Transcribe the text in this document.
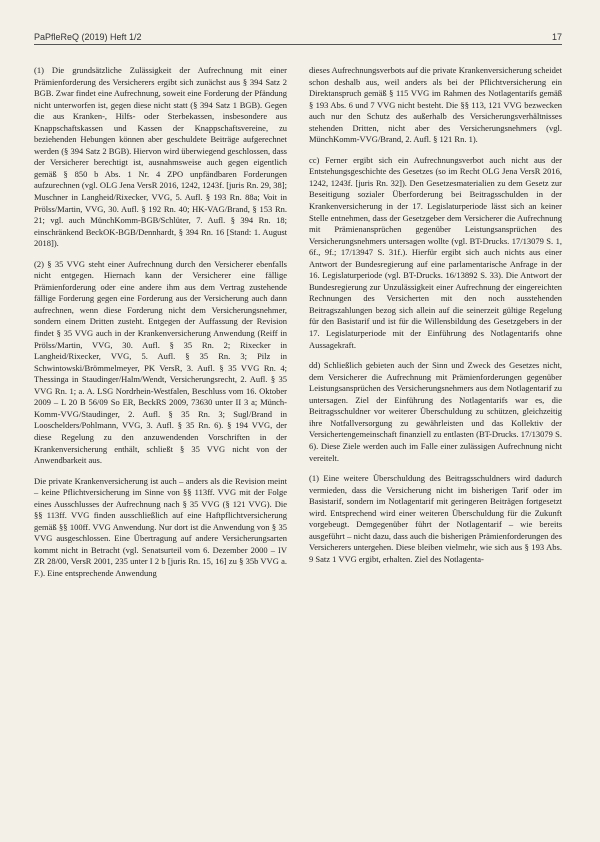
PaPfleReQ (2019) Heft 1/2	17

(1) Die grundsätzliche Zulässigkeit der Aufrechnung mit einer Prämienforderung des Versicherers ergibt sich zunächst aus § 394 Satz 2 BGB. Zwar findet eine Aufrechnung, soweit eine Forderung der Pfändung nicht unterworfen ist, gegen diese nicht statt (§ 394 Satz 1 BGB). Gegen die aus Kranken-, Hilfs- oder Sterbekassen, insbesondere aus Knappschaftskassen und Kassen der Knappschaftsvereine, zu beziehenden Hebungen können aber geschuldete Beiträge aufgerechnet werden (§ 394 Satz 2 BGB). Hiervon wird überwiegend geschlossen, dass der Versicherer berechtigt ist, ausnahmsweise auch gegen eigentlich gemäß § 850 b Abs. 1 Nr. 4 ZPO unpfändbaren Forderungen aufzurechnen (vgl. OLG Jena VersR 2016, 1242, 1243f. [juris Rn. 29, 38]; Muschner in Langheid/Rixecker, VVG, 5. Aufl. § 193 Rn. 88a; Voit in Prölss/Martin, VVG, 30. Aufl. § 192 Rn. 40; HK-VAG/Brand, § 153 Rn. 21; vgl. auch MünchKomm-BGB/Schlüter, 7. Aufl. § 394 Rn. 18; einschränkend BeckOK-BGB/Dennhardt, § 394 Rn. 16 [Stand: 1. August 2018]).

(2) § 35 VVG steht einer Aufrechnung durch den Versicherer ebenfalls nicht entgegen. Hiernach kann der Versicherer eine fällige Prämienforderung oder eine andere ihm aus dem Vertrag zustehende fällige Forderung gegen eine Forderung aus der Versicherung auch dann aufrechnen, wenn diese Forderung nicht dem Versicherungsnehmer, sondern einem Dritten zusteht. Entgegen der Auffassung der Revision findet § 35 VVG auch in der Krankenversicherung Anwendung (Reiff in Prölss/Martin, VVG, 30. Aufl. § 35 Rn. 2; Rixecker in Langheid/Rixecker, VVG, 5. Aufl. § 35 Rn. 3; Pilz in Schwintowski/Brömmelmeyer, PK VersR, 3. Aufl. § 35 VVG Rn. 4; Thessinga in Staudinger/Halm/Wendt, Versicherungsrecht, 2. Aufl. § 35 VVG Rn. 1; a. A. LSG Nordrhein-Westfalen, Beschluss vom 16. Oktober 2009 – L 20 B 56/09 So ER, BeckRS 2009, 73630 unter II 3 a; Münch-Komm-VVG/Staudinger, 2. Aufl. § 35 Rn. 3; Sugl/Brand in Looschelders/Pohlmann, VVG, 3. Aufl. § 35 Rn. 6). § 194 VVG, der diese Regelung zu den anzuwendenden Vorschriften in der Krankenversicherung enthält, schließt § 35 VVG nicht von der Anwendbarkeit aus.

Die private Krankenversicherung ist auch – anders als die Revision meint – keine Pflichtversicherung im Sinne von §§ 113ff. VVG mit der Folge eines Ausschlusses der Aufrechnung nach § 35 VVG (§ 121 VVG). Die §§ 113ff. VVG finden ausschließlich auf eine Haftpflichtversicherung gemäß §§ 100ff. VVG Anwendung. Nur dort ist die Anwendung von § 35 VVG ausgeschlossen. Eine Übertragung auf andere Versicherungsarten kommt nicht in Betracht (vgl. Senatsurteil vom 6. Dezember 2000 – IV ZR 28/00, VersR 2001, 235 unter I 2 b [juris Rn. 15, 16] zu § 35b VVG a. F.). Eine entsprechende Anwendung

dieses Aufrechnungsverbots auf die private Krankenversicherung scheidet schon deshalb aus, weil anders als bei der Pflichtversicherung ein Direktanspruch gemäß § 115 VVG im Rahmen des Notlagentarifs gemäß § 193 Abs. 6 und 7 VVG nicht besteht. Die §§ 113, 121 VVG bezwecken auch nur den Schutz des außerhalb des Versicherungsverhältnisses stehenden Dritten, nicht aber des Versicherungsnehmers (vgl. MünchKomm-VVG/Brand, 2. Aufl. § 121 Rn. 1).

cc) Ferner ergibt sich ein Aufrechnungsverbot auch nicht aus der Entstehungsgeschichte des Gesetzes (so im Recht OLG Jena VersR 2016, 1242, 1243f. [juris Rn. 32]). Den Gesetzesmaterialien zu dem Gesetz zur Beseitigung sozialer Überforderung bei Beitragsschulden in der Krankenversicherung in der 17. Legislaturperiode lässt sich an keiner Stelle entnehmen, dass der Gesetzgeber dem Versicherer die Aufrechnung mit Prämienansprüchen gegenüber Leistungsansprüchen des Versicherungsnehmers untersagen wollte (vgl. BT-Drucks. 17/13079 S. 1, 6f., 9f.; 17/13947 S. 31f.). Hierfür ergibt sich auch nichts aus einer Antwort der Bundesregierung auf eine parlamentarische Anfrage in der 16. Legislaturperiode (vgl. BT-Drucks. 16/13892 S. 33). Die Antwort der Bundesregierung zur Unzulässigkeit einer Aufrechnung der eingereichten Rechnungen des Versicherten mit den noch ausstehenden Beitragszahlungen bezog sich allein auf die seinerzeit gültige Regelung für den Basistarif und ist für die Willensbildung des Gesetzgebers in der 17. Legislaturperiode mit der Einführung des Notlagentarifs ohne Aussagekraft.

dd) Schließlich gebieten auch der Sinn und Zweck des Gesetzes nicht, dem Versicherer die Aufrechnung mit Prämienforderungen gegenüber Leistungsansprüchen des Versicherungsnehmers aus dem Notlagentarif zu untersagen. Ziel der Einführung des Notlagentarifs war es, die Beitragsschuldner vor weiterer Überschuldung zu schützen, gleichzeitig ihre Notfallversorgung zu gewährleisten und das Kollektiv der Versichertengemeinschaft finanziell zu entlasten (BT-Drucks. 17/13079 S. 6). Diese Ziele werden auch im Falle einer zulässigen Aufrechnung nicht vereitelt.

(1) Eine weitere Überschuldung des Beitragsschuldners wird dadurch vermieden, dass die Versicherung nicht im bisherigen Tarif oder im Basistarif, sondern im Notlagentarif mit geringeren Beiträgen fortgesetzt wird. Entsprechend wird einer weiteren Überschuldung für die Zukunft vorgebeugt. Demgegenüber führt der Notlagentarif – wie bereits ausgeführt – nicht dazu, dass auch die bisherigen Prämienforderungen des Versicherers untergehen. Diese bleiben vielmehr, wie sich aus § 193 Abs. 9 Satz 1 VVG ergibt, erhalten. Ziel des Notlagenta-
